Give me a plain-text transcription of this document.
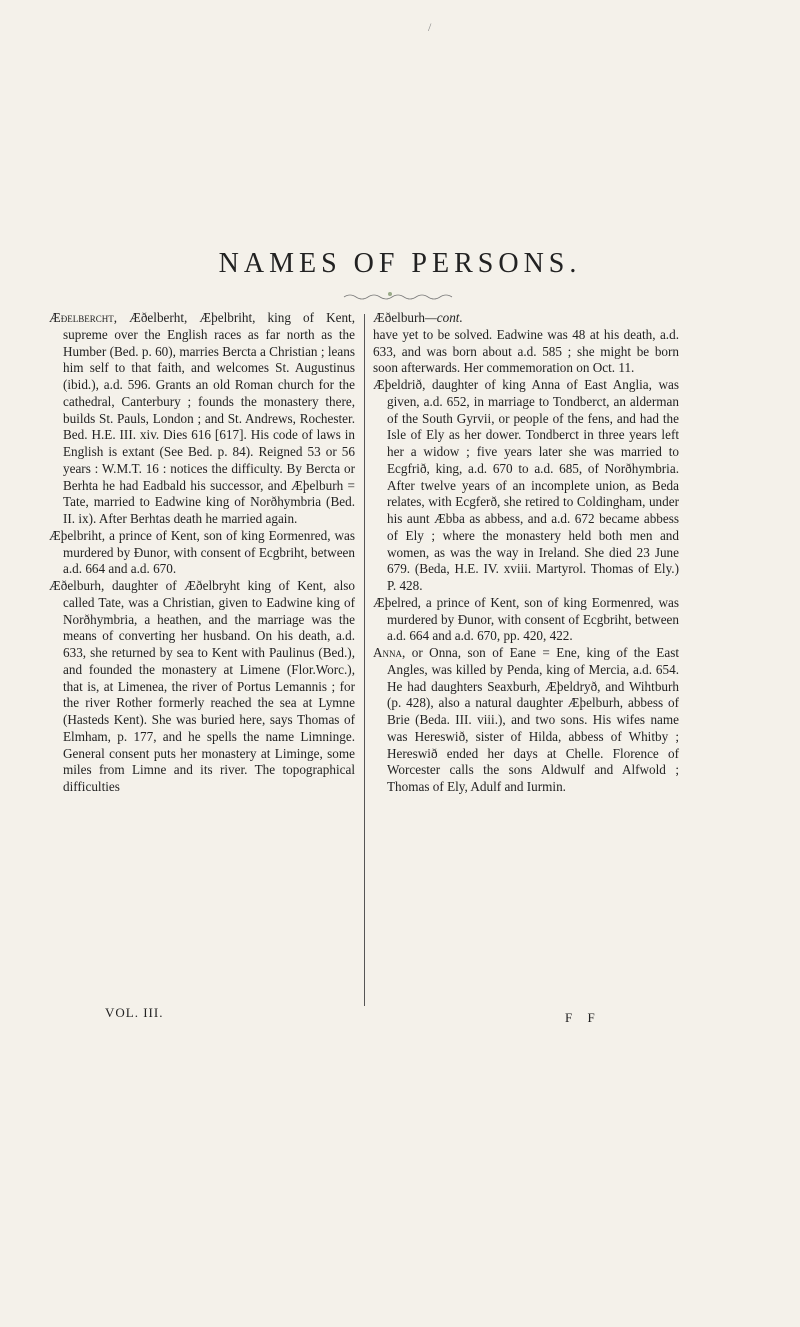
/
NAMES OF PERSONS.

Æðelbercht, Æðelberht, Æþelbriht, king of Kent, supreme over the English races as far north as the Humber (Bed. p. 60), marries Bercta a Christian ; leans him self to that faith, and welcomes St. Augustinus (ibid.), a.d. 596. Grants an old Roman church for the cathedral, Canterbury ; founds the monastery there, builds St. Pauls, London ; and St. Andrews, Rochester. Bed. H.E. III. xiv. Dies 616 [617]. His code of laws in English is extant (See Bed. p. 84). Reigned 53 or 56 years : W.M.T. 16 : notices the difficulty. By Bercta or Berhta he had Eadbald his successor, and Æþelburh = Tate, married to Eadwine king of Norðhymbria (Bed. II. ix). After Berhtas death he married again.

Æþelbriht, a prince of Kent, son of king Eormenred, was murdered by Ðunor, with consent of Ecgbriht, between a.d. 664 and a.d. 670.

Æðelburh, daughter of Æðelbryht king of Kent, also called Tate, was a Christian, given to Eadwine king of Norðhymbria, a heathen, and the marriage was the means of converting her husband. On his death, a.d. 633, she returned by sea to Kent with Paulinus (Bed.), and founded the monastery at Limene (Flor.Worc.), that is, at Limenea, the river of Portus Lemannis ; for the river Rother formerly reached the sea at Lymne (Hasteds Kent). She was buried here, says Thomas of Elmham, p. 177, and he spells the name Limninge. General consent puts her monastery at Liminge, some miles from Limne and its river. The topographical difficulties

Æðelburh—cont.

have yet to be solved. Eadwine was 48 at his death, a.d. 633, and was born about a.d. 585 ; she might be born soon afterwards. Her commemoration on Oct. 11.

Æþeldrið, daughter of king Anna of East Anglia, was given, a.d. 652, in marriage to Tondberct, an alderman of the South Gyrvii, or people of the fens, and had the Isle of Ely as her dower. Tondberct in three years left her a widow ; five years later she was married to Ecgfrið, king, a.d. 670 to a.d. 685, of Norðhymbria. After twelve years of an incomplete union, as Beda relates, with Ecgferð, she retired to Coldingham, under his aunt Æbba as abbess, and a.d. 672 became abbess of Ely ; where the monastery held both men and women, as was the way in Ireland. She died 23 June 679. (Beda, H.E. IV. xviii. Martyrol. Thomas of Ely.) P. 428.

Æþelred, a prince of Kent, son of king Eormenred, was murdered by Ðunor, with consent of Ecgbriht, between a.d. 664 and a.d. 670, pp. 420, 422.

Anna, or Onna, son of Eane = Ene, king of the East Angles, was killed by Penda, king of Mercia, a.d. 654. He had daughters Seaxburh, Æþeldryð, and Wihtburh (p. 428), also a natural daughter Æþelburh, abbess of Brie (Beda. III. viii.), and two sons. His wifes name was Hereswið, sister of Hilda, abbess of Whitby ; Hereswið ended her days at Chelle. Florence of Worcester calls the sons Aldwulf and Alfwold ; Thomas of Ely, Adulf and Iurmin.

VOL. III.	F F
